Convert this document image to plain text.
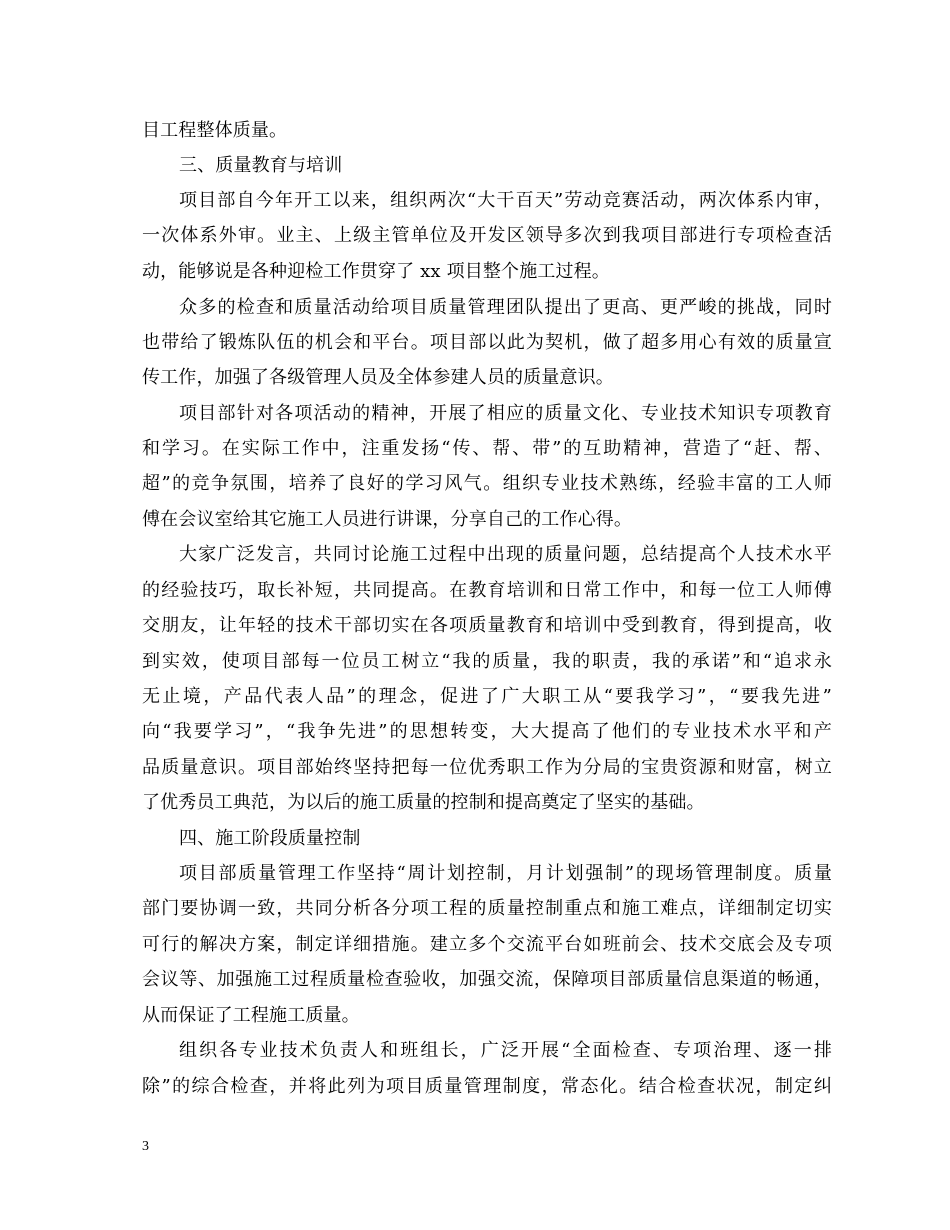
目工程整体质量。
三、质量教育与培训
项目部自今年开工以来，组织两次“大干百天”劳动竞赛活动，两次体系内审，
一次体系外审。业主、上级主管单位及开发区领导多次到我项目部进行专项检查活
动，能够说是各种迎检工作贯穿了 xx 项目整个施工过程。
众多的检查和质量活动给项目质量管理团队提出了更高、更严峻的挑战，同时
也带给了锻炼队伍的机会和平台。项目部以此为契机，做了超多用心有效的质量宣
传工作，加强了各级管理人员及全体参建人员的质量意识。
项目部针对各项活动的精神，开展了相应的质量文化、专业技术知识专项教育
和学习。在实际工作中，注重发扬“传、帮、带”的互助精神，营造了“赶、帮、
超”的竞争氛围，培养了良好的学习风气。组织专业技术熟练，经验丰富的工人师
傅在会议室给其它施工人员进行讲课，分享自己的工作心得。
大家广泛发言，共同讨论施工过程中出现的质量问题，总结提高个人技术水平
的经验技巧，取长补短，共同提高。在教育培训和日常工作中，和每一位工人师傅
交朋友，让年轻的技术干部切实在各项质量教育和培训中受到教育，得到提高，收
到实效，使项目部每一位员工树立“我的质量，我的职责，我的承诺”和“追求永
无止境，产品代表人品”的理念，促进了广大职工从“要我学习”，“要我先进”
向“我要学习”，“我争先进”的思想转变，大大提高了他们的专业技术水平和产
品质量意识。项目部始终坚持把每一位优秀职工作为分局的宝贵资源和财富，树立
了优秀员工典范，为以后的施工质量的控制和提高奠定了坚实的基础。
四、施工阶段质量控制
项目部质量管理工作坚持“周计划控制，月计划强制”的现场管理制度。质量
部门要协调一致，共同分析各分项工程的质量控制重点和施工难点，详细制定切实
可行的解决方案，制定详细措施。建立多个交流平台如班前会、技术交底会及专项
会议等、加强施工过程质量检查验收，加强交流，保障项目部质量信息渠道的畅通，
从而保证了工程施工质量。
组织各专业技术负责人和班组长，广泛开展“全面检查、专项治理、逐一排
除”的综合检查，并将此列为项目质量管理制度，常态化。结合检查状况，制定纠
3
